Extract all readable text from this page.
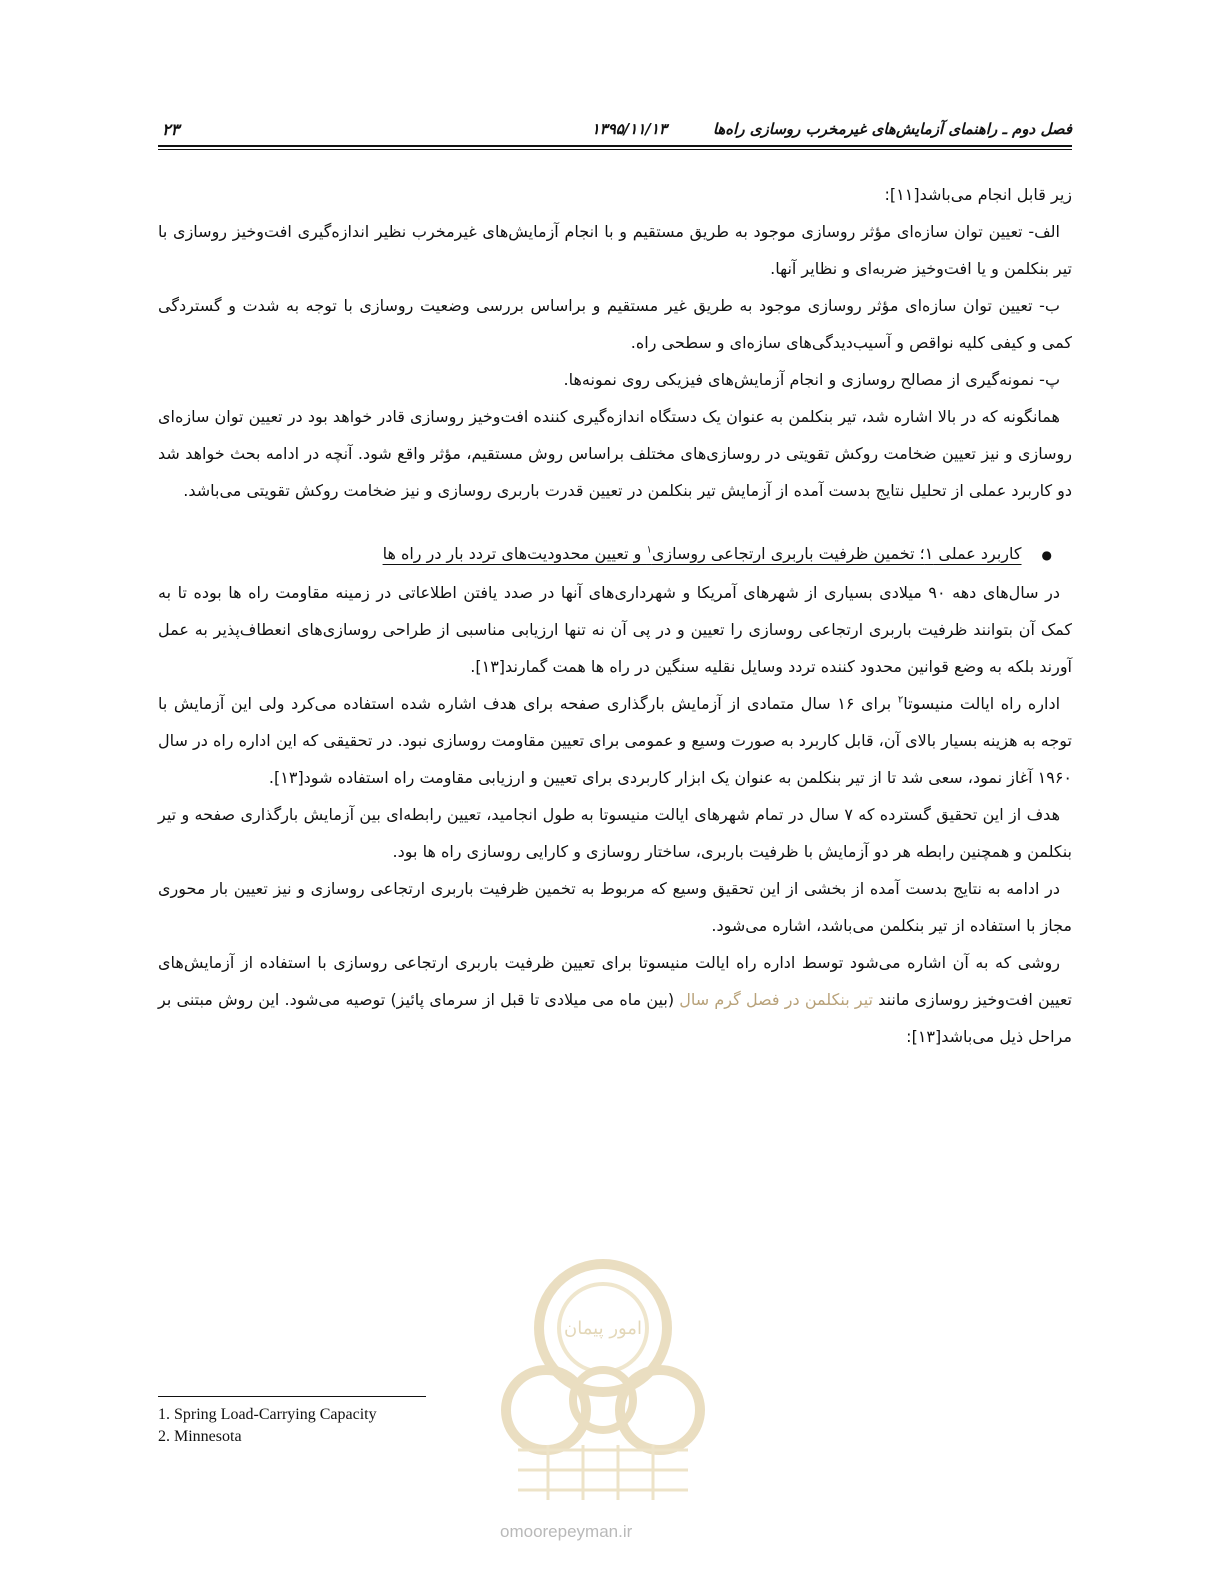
فصل دوم ـ راهنمای آزمایش‌های غیرمخرب روسازی راه‌ها
۱۳۹۵/۱۱/۱۳
۲۳

زیر قابل انجام می‌باشد[۱۱]:

الف- تعیین توان سازه‌ای مؤثر روسازی موجود به طریق مستقیم و با انجام آزمایش‌های غیرمخرب نظیر اندازه‌گیری افت‌وخیز روسازی با تیر بنکلمن و یا افت‌وخیز ضربه‌ای و نظایر آنها.

ب- تعیین توان سازه‌ای مؤثر روسازی موجود به طریق غیر مستقیم و براساس بررسی وضعیت روسازی با توجه به شدت و گستردگی کمی و کیفی کلیه نواقص و آسیب‌دیدگی‌های سازه‌ای و سطحی راه.

پ- نمونه‌گیری از مصالح روسازی و انجام آزمایش‌های فیزیکی روی نمونه‌ها.

همانگونه که در بالا اشاره شد، تیر بنکلمن به عنوان یک دستگاه اندازه‌گیری کننده افت‌وخیز روسازی قادر خواهد بود در تعیین توان سازه‌ای روسازی و نیز تعیین ضخامت روکش تقویتی در روسازی‌های مختلف براساس روش مستقیم، مؤثر واقع شود. آنچه در ادامه بحث خواهد شد دو کاربرد عملی از تحلیل نتایج بدست آمده از آزمایش تیر بنکلمن در تعیین قدرت باربری روسازی و نیز ضخامت روکش تقویتی می‌باشد.

●
کاربرد عملی ۱؛ تخمین ظرفیت باربری ارتجاعی روسازی$^۱$ و تعیین محدودیت‌های تردد بار در راه ها

در سال‌های دهه ۹۰ میلادی بسیاری از شهرهای آمریکا و شهرداری‌های آنها در صدد یافتن اطلاعاتی در زمینه مقاومت راه ها بوده تا به کمک آن بتوانند ظرفیت باربری ارتجاعی روسازی را تعیین و در پی آن نه تنها ارزیابی مناسبی از طراحی روسازی‌های انعطاف‌پذیر به عمل آورند بلکه به وضع قوانین محدود کننده تردد وسایل نقلیه سنگین در راه ها همت گمارند[۱۳].

اداره راه ایالت منیسوتا$^۲$ برای ۱۶ سال متمادی از آزمایش بارگذاری صفحه برای هدف اشاره شده استفاده می‌کرد ولی این آزمایش با توجه به هزینه بسیار بالای آن، قابل کاربرد به صورت وسیع و عمومی برای تعیین مقاومت روسازی نبود. در تحقیقی که این اداره راه در سال ۱۹۶۰ آغاز نمود، سعی شد تا از تیر بنکلمن به عنوان یک ابزار کاربردی برای تعیین و ارزیابی مقاومت راه استفاده شود[۱۳].

هدف از این تحقیق گسترده که ۷ سال در تمام شهرهای ایالت منیسوتا به طول انجامید، تعیین رابطه‌ای بین آزمایش بارگذاری صفحه و تیر بنکلمن و همچنین رابطه هر دو آزمایش با ظرفیت باربری، ساختار روسازی و کارایی روسازی راه ها بود.

در ادامه به نتایج بدست آمده از بخشی از این تحقیق وسیع که مربوط به تخمین ظرفیت باربری ارتجاعی روسازی و نیز تعیین بار محوری مجاز با استفاده از تیر بنکلمن می‌باشد، اشاره می‌شود.

روشی که به آن اشاره می‌شود توسط اداره راه ایالت منیسوتا برای تعیین ظرفیت باربری ارتجاعی روسازی با استفاده از آزمایش‌های تعیین افت‌وخیز روسازی مانند تیر بنکلمن در فصل گرم سال (بین ماه می میلادی تا قبل از سرمای پائیز) توصیه می‌شود. این روش مبتنی بر مراحل ذیل می‌باشد[۱۳]:

امور پیمان
omoorepeyman.ir
1. Spring Load-Carrying Capacity
2. Minnesota
